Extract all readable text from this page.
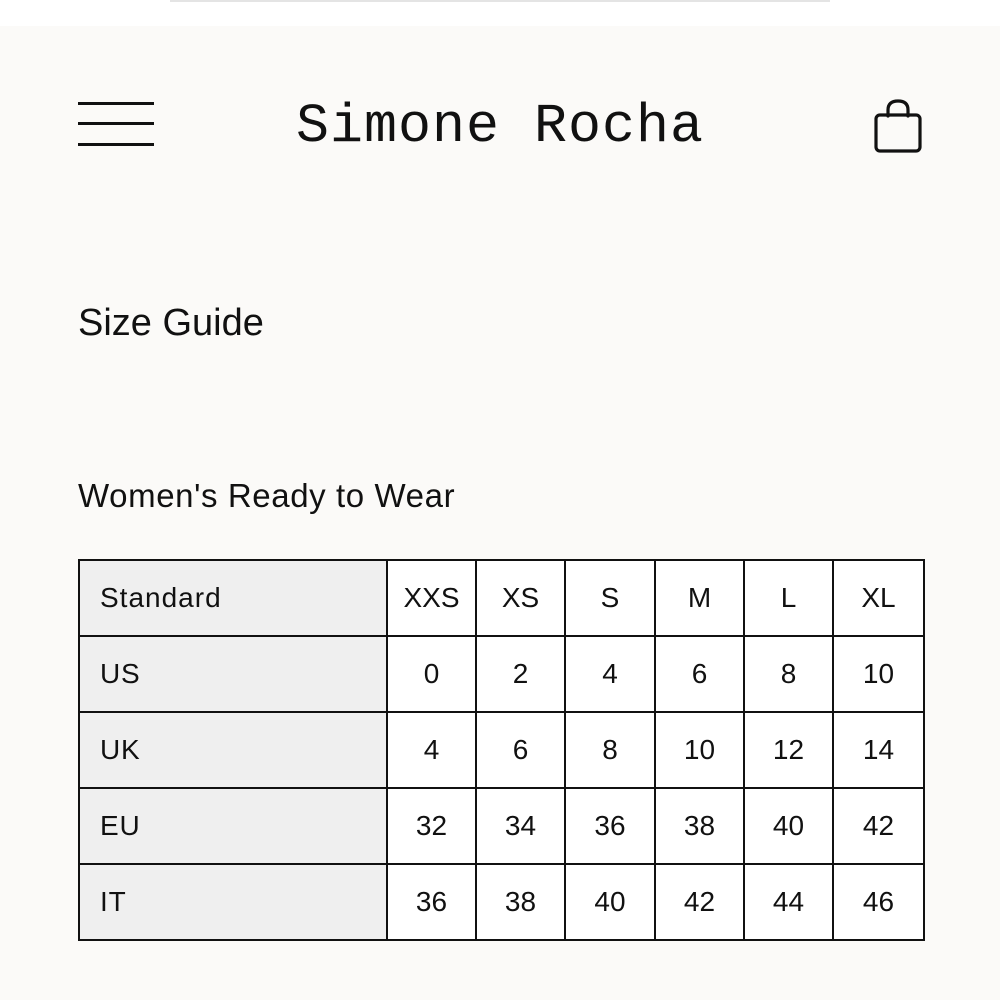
Simone Rocha
Size Guide
Women's Ready to Wear
Standard	XXS	XS	S	M	L	XL
US	0	2	4	6	8	10
UK	4	6	8	10	12	14
EU	32	34	36	38	40	42
IT	36	38	40	42	44	46
